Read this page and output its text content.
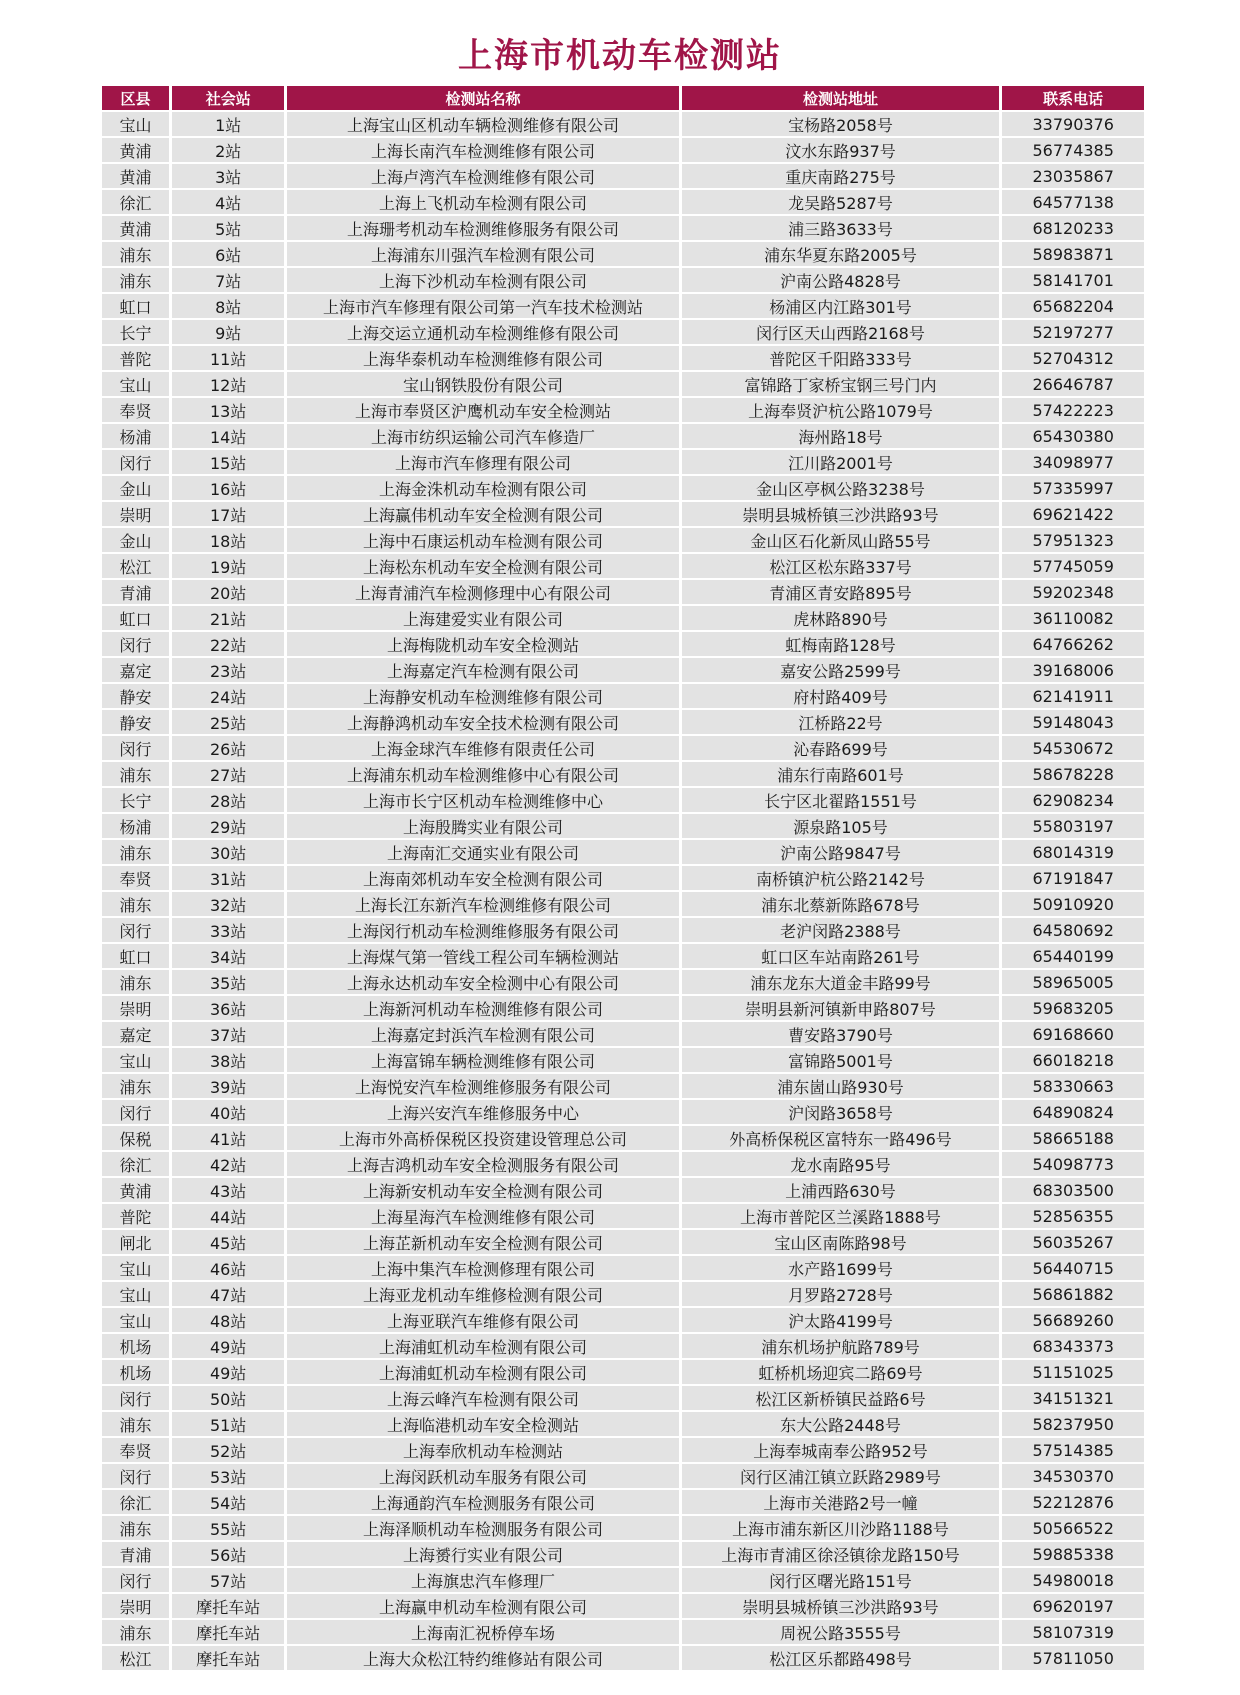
上海市机动车检测站
区县	社会站	检测站名称	检测站地址	联系电话
宝山	1站	上海宝山区机动车辆检测维修有限公司	宝杨路2058号	33790376
黄浦	2站	上海长南汽车检测维修有限公司	汶水东路937号	56774385
黄浦	3站	上海卢湾汽车检测维修有限公司	重庆南路275号	23035867
徐汇	4站	上海上飞机动车检测有限公司	龙吴路5287号	64577138
黄浦	5站	上海珊考机动车检测维修服务有限公司	浦三路3633号	68120233
浦东	6站	上海浦东川强汽车检测有限公司	浦东华夏东路2005号	58983871
浦东	7站	上海下沙机动车检测有限公司	沪南公路4828号	58141701
虹口	8站	上海市汽车修理有限公司第一汽车技术检测站	杨浦区内江路301号	65682204
长宁	9站	上海交运立通机动车检测维修有限公司	闵行区天山西路2168号	52197277
普陀	11站	上海华泰机动车检测维修有限公司	普陀区千阳路333号	52704312
宝山	12站	宝山钢铁股份有限公司	富锦路丁家桥宝钢三号门内	26646787
奉贤	13站	上海市奉贤区沪鹰机动车安全检测站	上海奉贤沪杭公路1079号	57422223
杨浦	14站	上海市纺织运输公司汽车修造厂	海州路18号	65430380
闵行	15站	上海市汽车修理有限公司	江川路2001号	34098977
金山	16站	上海金洙机动车检测有限公司	金山区亭枫公路3238号	57335997
崇明	17站	上海赢伟机动车安全检测有限公司	崇明县城桥镇三沙洪路93号	69621422
金山	18站	上海中石康运机动车检测有限公司	金山区石化新凤山路55号	57951323
松江	19站	上海松东机动车安全检测有限公司	松江区松东路337号	57745059
青浦	20站	上海青浦汽车检测修理中心有限公司	青浦区青安路895号	59202348
虹口	21站	上海建爱实业有限公司	虎林路890号	36110082
闵行	22站	上海梅陇机动车安全检测站	虹梅南路128号	64766262
嘉定	23站	上海嘉定汽车检测有限公司	嘉安公路2599号	39168006
静安	24站	上海静安机动车检测维修有限公司	府村路409号	62141911
静安	25站	上海静鸿机动车安全技术检测有限公司	江桥路22号	59148043
闵行	26站	上海金球汽车维修有限责任公司	沁春路699号	54530672
浦东	27站	上海浦东机动车检测维修中心有限公司	浦东行南路601号	58678228
长宁	28站	上海市长宁区机动车检测维修中心	长宁区北翟路1551号	62908234
杨浦	29站	上海殷腾实业有限公司	源泉路105号	55803197
浦东	30站	上海南汇交通实业有限公司	沪南公路9847号	68014319
奉贤	31站	上海南郊机动车安全检测有限公司	南桥镇沪杭公路2142号	67191847
浦东	32站	上海长江东新汽车检测维修有限公司	浦东北蔡新陈路678号	50910920
闵行	33站	上海闵行机动车检测维修服务有限公司	老沪闵路2388号	64580692
虹口	34站	上海煤气第一管线工程公司车辆检测站	虹口区车站南路261号	65440199
浦东	35站	上海永达机动车安全检测中心有限公司	浦东龙东大道金丰路99号	58965005
崇明	36站	上海新河机动车检测维修有限公司	崇明县新河镇新申路807号	59683205
嘉定	37站	上海嘉定封浜汽车检测有限公司	曹安路3790号	69168660
宝山	38站	上海富锦车辆检测维修有限公司	富锦路5001号	66018218
浦东	39站	上海悦安汽车检测维修服务有限公司	浦东崮山路930号	58330663
闵行	40站	上海兴安汽车维修服务中心	沪闵路3658号	64890824
保税	41站	上海市外高桥保税区投资建设管理总公司	外高桥保税区富特东一路496号	58665188
徐汇	42站	上海吉鸿机动车安全检测服务有限公司	龙水南路95号	54098773
黄浦	43站	上海新安机动车安全检测有限公司	上浦西路630号	68303500
普陀	44站	上海星海汽车检测维修有限公司	上海市普陀区兰溪路1888号	52856355
闸北	45站	上海芷新机动车安全检测有限公司	宝山区南陈路98号	56035267
宝山	46站	上海中集汽车检测修理有限公司	水产路1699号	56440715
宝山	47站	上海亚龙机动车维修检测有限公司	月罗路2728号	56861882
宝山	48站	上海亚联汽车维修有限公司	沪太路4199号	56689260
机场	49站	上海浦虹机动车检测有限公司	浦东机场护航路789号	68343373
机场	49站	上海浦虹机动车检测有限公司	虹桥机场迎宾二路69号	51151025
闵行	50站	上海云峰汽车检测有限公司	松江区新桥镇民益路6号	34151321
浦东	51站	上海临港机动车安全检测站	东大公路2448号	58237950
奉贤	52站	上海奉欣机动车检测站	上海奉城南奉公路952号	57514385
闵行	53站	上海闵跃机动车服务有限公司	闵行区浦江镇立跃路2989号	34530370
徐汇	54站	上海通韵汽车检测服务有限公司	上海市关港路2号一幢	52212876
浦东	55站	上海泽顺机动车检测服务有限公司	上海市浦东新区川沙路1188号	50566522
青浦	56站	上海赟行实业有限公司	上海市青浦区徐泾镇徐龙路150号	59885338
闵行	57站	上海旗忠汽车修理厂	闵行区曙光路151号	54980018
崇明	摩托车站	上海赢申机动车检测有限公司	崇明县城桥镇三沙洪路93号	69620197
浦东	摩托车站	上海南汇祝桥停车场	周祝公路3555号	58107319
松江	摩托车站	上海大众松江特约维修站有限公司	松江区乐都路498号	57811050
